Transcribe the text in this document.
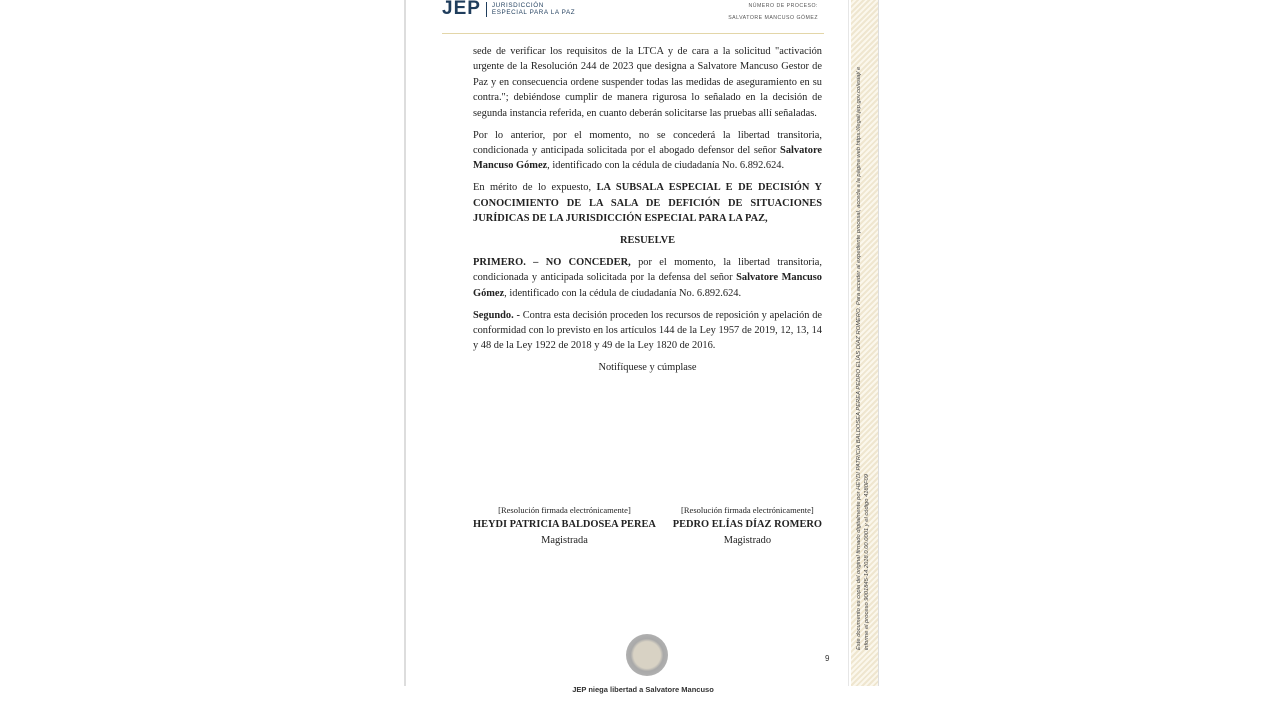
JEP JURISDICCIÓN
ESPECIAL PARA LA PAZ
NÚMERO DE PROCESO:
SALVATORE MANCUSO GÓMEZ

sede de verificar los requisitos de la LTCA y de cara a la solicitud "activación urgente de la Resolución 244 de 2023 que designa a Salvatore Mancuso Gestor de Paz y en consecuencia ordene suspender todas las medidas de aseguramiento en su contra."; debiéndose cumplir de manera rigurosa lo señalado en la decisión de segunda instancia referida, en cuanto deberán solicitarse las pruebas allí señaladas.

Por lo anterior, por el momento, no se concederá la libertad transitoria, condicionada y anticipada solicitada por el abogado defensor del señor Salvatore Mancuso Gómez, identificado con la cédula de ciudadanía No. 6.892.624.

En mérito de lo expuesto, LA SUBSALA ESPECIAL E DE DECISIÓN Y CONOCIMIENTO DE LA SALA DE DEFICIÓN DE SITUACIONES JURÍDICAS DE LA JURISDICCIÓN ESPECIAL PARA LA PAZ,

RESUELVE

PRIMERO. – NO CONCEDER, por el momento, la libertad transitoria, condicionada y anticipada solicitada por la defensa del señor Salvatore Mancuso Gómez, identificado con la cédula de ciudadanía No. 6.892.624.

Segundo. - Contra esta decisión proceden los recursos de reposición y apelación de conformidad con lo previsto en los artículos 144 de la Ley 1957 de 2019, 12, 13, 14 y 48 de la Ley 1922 de 2018 y 49 de la Ley 1820 de 2016.

Notifíquese y cúmplase

[Resolución firmada electrónicamente]
HEYDI PATRICIA BALDOSEA PEREA
Magistrada
[Resolución firmada electrónicamente]
PEDRO ELÍAS DÍAZ ROMERO
Magistrado
9
Este documento es copia del original firmado digitalmente por HEYDI PATRICIA BALDOSEA PEREA PEDRO ELÍAS DÍAZ ROMERO. Para acceder al expediente procesal, acceda a la página web https://legali.jep.gov.co/esiaj/ e informe el proceso 9001845-14.2018.0.00.0001 y el código 4180F09
JEP niega libertad a Salvatore Mancuso
